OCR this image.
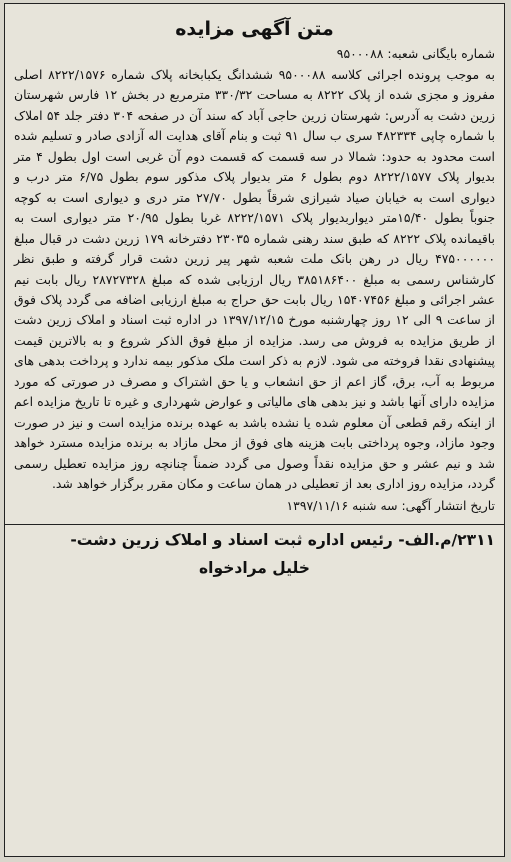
متن آگهی مزایده
شماره بایگانی شعبه: ۹۵۰۰۰۸۸
به موجب پرونده اجرائی کلاسه ۹۵۰۰۰۸۸ ششدانگ یکبابخانه پلاک شماره ۸۲۲۲/۱۵۷۶ اصلی مفروز و مجزی شده از پلاک ۸۲۲۲ به مساحت ۳۳۰/۳۲ مترمربع در بخش ۱۲ فارس شهرستان زرین دشت به آدرس: شهرستان زرین حاجی آباد که سند آن در صفحه ۳۰۴ دفتر جلد ۵۴ املاک با شماره چاپی ۴۸۲۳۳۴ سری ب سال ۹۱ ثبت و بنام آقای هدایت اله آزادی صادر و تسلیم شده است محدود به حدود: شمالا در سه قسمت که قسمت دوم آن غربی است اول بطول ۴ متر بدیوار پلاک ۸۲۲۲/۱۵۷۷ دوم بطول ۶ متر بدیوار پلاک مذکور سوم بطول ۶/۷۵ متر درب و دیواری است به خیابان صیاد شیرازی شرقاً بطول ۲۷/۷۰ متر دری و دیواری است به کوچه جنوباً بطول ۱۵/۴۰متر دیواربدیوار پلاک ۸۲۲۲/۱۵۷۱ غربا بطول ۲۰/۹۵ متر دیواری است به باقیمانده پلاک ۸۲۲۲ که طبق سند رهنی شماره ۲۳۰۳۵ دفترخانه ۱۷۹ زرین دشت در قبال مبلغ ۴۷۵۰۰۰۰۰۰ ریال در رهن بانک ملت شعبه شهر پیر زرین دشت قرار گرفته و طبق نظر کارشناس رسمی به مبلغ ۳۸۵۱۸۶۴۰۰ ریال ارزیابی شده که مبلغ ۲۸۷۲۷۳۲۸ ریال بابت نیم عشر اجرائی و مبلغ ۱۵۴۰۷۴۵۶ ریال بابت حق حراج به مبلغ ارزیابی اضافه می گردد پلاک فوق از ساعت ۹ الی ۱۲ روز چهارشنبه مورخ ۱۳۹۷/۱۲/۱۵ در اداره ثبت اسناد و املاک زرین دشت از طریق مزایده به فروش می رسد. مزایده از مبلغ فوق الذکر شروع و به بالاترین قیمت پیشنهادی نقدا فروخته می شود. لازم به ذکر است ملک مذکور بیمه ندارد و پرداخت بدهی های مربوط به آب، برق، گاز اعم از حق انشعاب و یا حق اشتراک و مصرف در صورتی که مورد مزایده دارای آنها باشد و نیز بدهی های مالیاتی و عوارض شهرداری و غیره تا تاریخ مزایده اعم از اینکه رقم قطعی آن معلوم شده یا نشده باشد به عهده برنده مزایده است و نیز در صورت وجود مازاد، وجوه پرداختی بابت هزینه های فوق از محل مازاد به برنده مزایده مسترد خواهد شد و نیم عشر و حق مزایده نقداً وصول می گردد ضمناً چنانچه روز مزایده تعطیل رسمی گردد، مزایده روز اداری بعد از تعطیلی در همان ساعت و مکان مقرر برگزار خواهد شد.
تاریخ انتشار آگهی: سه شنبه ۱۳۹۷/۱۱/۱۶
۲۳۱۱/م.الف- رئیس اداره ثبت اسناد و املاک زرین دشت-
خلیل مرادخواه
